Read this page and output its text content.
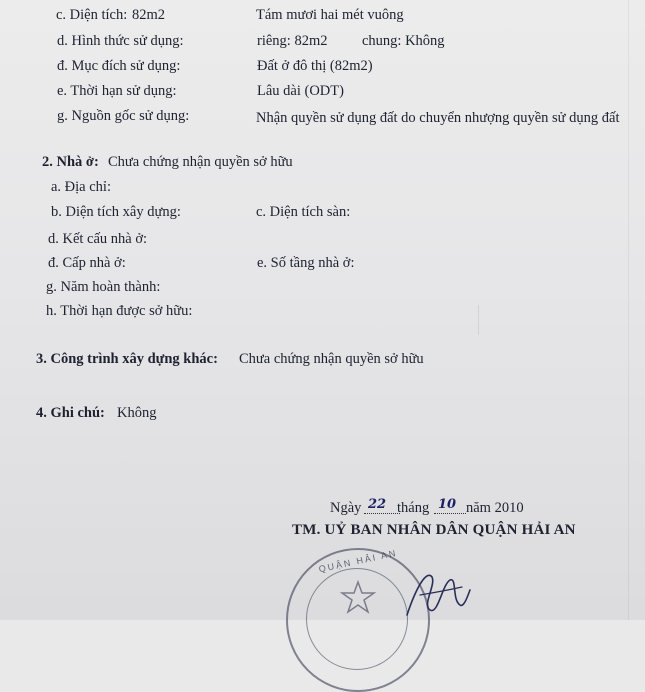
c. Diện tích: 82m2	Tám mươi hai mét vuông
d. Hình thức sử dụng:	riêng: 82m2 chung: Không
đ. Mục đích sử dụng:	Đất ở đô thị (82m2)
e. Thời hạn sử dụng:	Lâu dài (ODT)
g. Nguồn gốc sử dụng:	Nhận quyền sử dụng đất do chuyển nhượng quyền sử dụng đất
2. Nhà ở: Chưa chứng nhận quyền sở hữu
a. Địa chỉ:
b. Diện tích xây dựng:	c. Diện tích sàn:
d. Kết cấu nhà ở:
đ. Cấp nhà ở:	e. Số tầng nhà ở:
g. Năm hoàn thành:
h. Thời hạn được sở hữu:
3. Công trình xây dựng khác: Chưa chứng nhận quyền sở hữu
4. Ghi chú: Không
Ngày 22 tháng 10 năm 2010
TM. UỶ BAN NHÂN DÂN QUẬN HẢI AN
QUẬN HẢI AN
